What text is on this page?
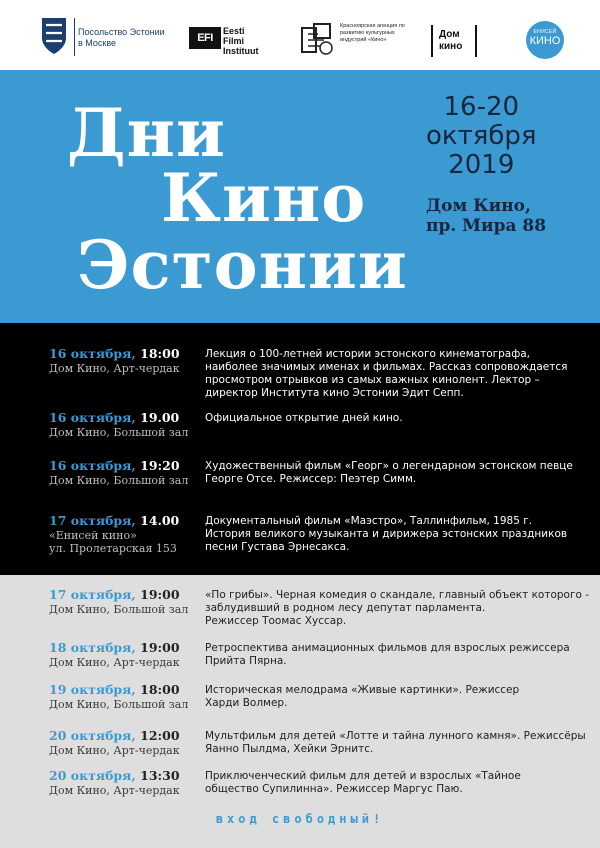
Посольство Эстонии
в Москве	EFI
Eesti
Filmi
Instituut
Красноярская агенция по развитию культурных индустрий «Кино»	Дом
кино
ЕНИСЕЙ
КИНО
Дни
Кино
Эстонии
16-20
октября
2019
Дом Кино,
пр. Мира 88
16 октября, 18:00
Дом Кино, Арт-чердак
Лекция о 100-летней истории эстонского кинематографа,
наиболее значимых именах и фильмах. Рассказ сопровождается
просмотром отрывков из самых важных кинолент. Лектор –
директор Института кино Эстонии Эдит Сепп.
16 октября, 19.00
Дом Кино, Большой зал
Официальное открытие дней кино.
16 октября, 19:20
Дом Кино, Большой зал
Художественный фильм «Георг» о легендарном эстонском певце
Георге Отсе. Режиссер: Пеэтер Симм.
17 октября, 14.00
«Енисей кино»
ул. Пролетарская 153
Документальный фильм «Маэстро», Таллинфильм, 1985 г.
История великого музыканта и дирижера эстонских праздников
песни Густава Эрнесакса.
17 октября, 19:00
Дом Кино, Большой зал
«По грибы». Черная комедия о скандале, главный объект которого -
заблудивший в родном лесу депутат парламента.
Режиссер Тоомас Хуссар.
18 октября, 19:00
Дом Кино, Арт-чердак
Ретроспектива анимационных фильмов для взрослых режиссера
Прийта Пярна.
19 октября, 18:00
Дом Кино, Большой зал
Историческая мелодрама «Живые картинки». Режиссер
Харди Волмер.
20 октября, 12:00
Дом Кино, Арт-чердак
Мультфильм для детей «Лотте и тайна лунного камня». Режиссёры
Яанно Пылдма, Хейки Эрнитс.
20 октября, 13:30
Дом Кино, Арт-чердак
Приключенческий фильм для детей и взрослых «Тайное
общество Супилинна». Режиссер Маргус Паю.
вход свободный!
